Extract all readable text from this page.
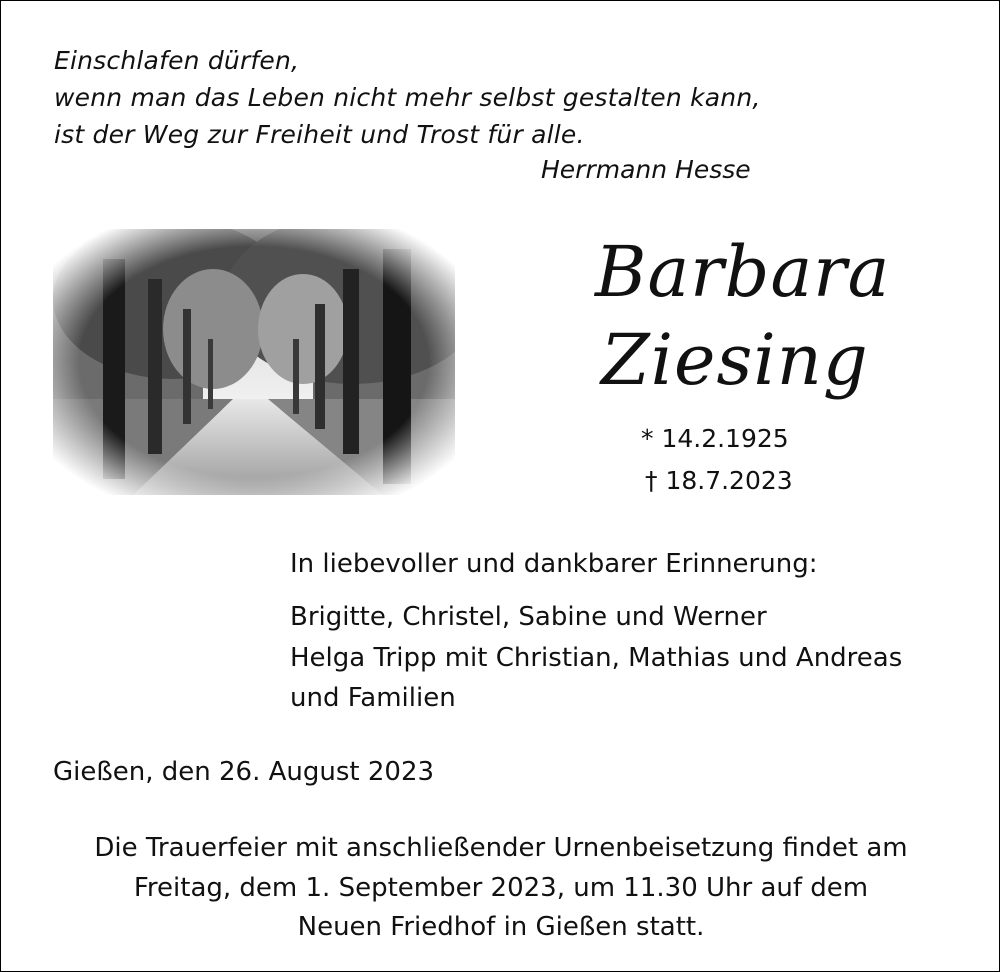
Einschlafen dürfen,
wenn man das Leben nicht mehr selbst gestalten kann,
ist der Weg zur Freiheit und Trost für alle.
Herrmann Hesse
Barbara
Ziesing
* 14.2.1925
† 18.7.2023
In liebevoller und dankbarer Erinnerung:
Brigitte, Christel, Sabine und Werner
Helga Tripp mit Christian, Mathias und Andreas
und Familien
Gießen, den 26. August 2023
Die Trauerfeier mit anschließender Urnenbeisetzung findet am
Freitag, dem 1. September 2023, um 11.30 Uhr auf dem
Neuen Friedhof in Gießen statt.
